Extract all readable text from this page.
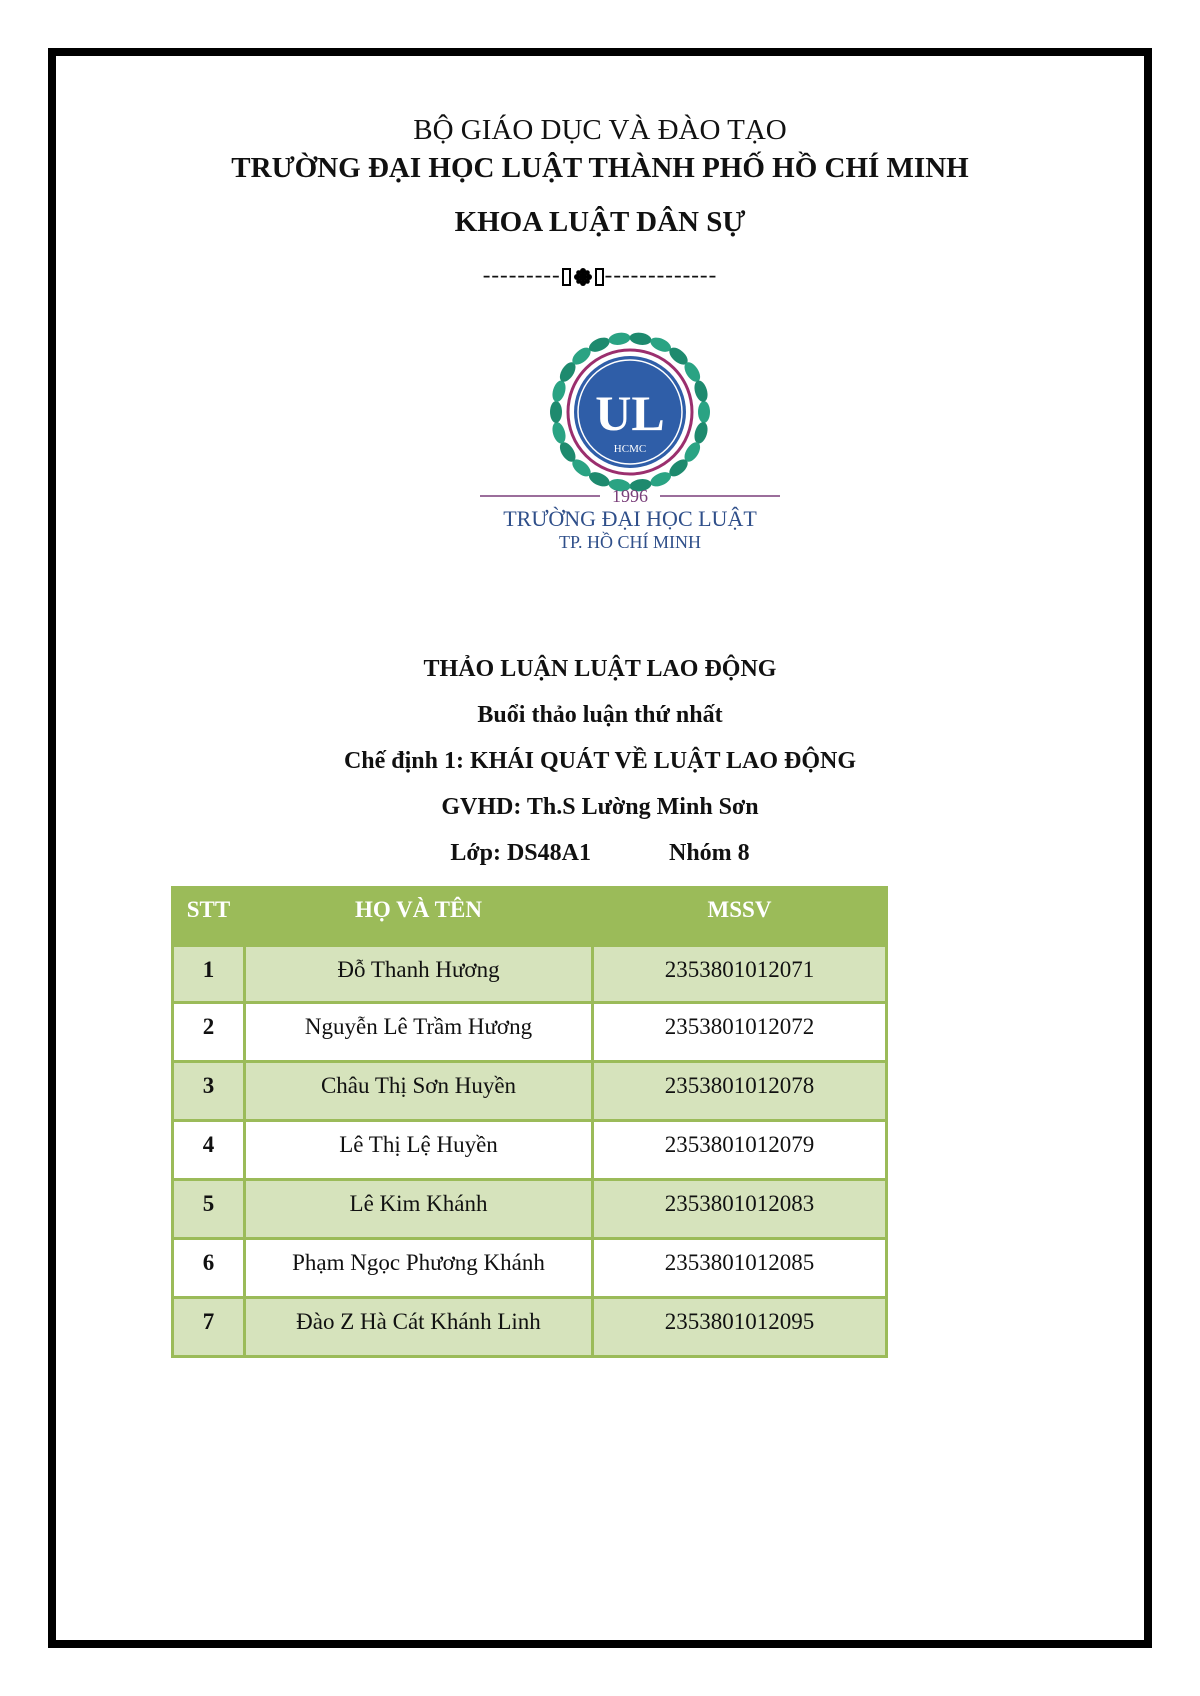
BỘ GIÁO DỤC VÀ ĐÀO TẠO
TRƯỜNG ĐẠI HỌC LUẬT THÀNH PHỐ HỒ CHÍ MINH
KHOA LUẬT DÂN SỰ
--------- -------------
UL
HCMC
1996
TRƯỜNG ĐẠI HỌC LUẬT
TP. HỒ CHÍ MINH
THẢO LUẬN LUẬT LAO ĐỘNG
Buổi thảo luận thứ nhất
Chế định 1: KHÁI QUÁT VỀ LUẬT LAO ĐỘNG
GVHD: Th.S Lường Minh Sơn
Lớp: DS48A1	Nhóm 8
STT	HỌ VÀ TÊN	MSSV
1	Đỗ Thanh Hương	2353801012071
2	Nguyễn Lê Trầm Hương	2353801012072
3	Châu Thị Sơn Huyền	2353801012078
4	Lê Thị Lệ Huyền	2353801012079
5	Lê Kim Khánh	2353801012083
6	Phạm Ngọc Phương Khánh	2353801012085
7	Đào Z Hà Cát Khánh Linh	2353801012095
